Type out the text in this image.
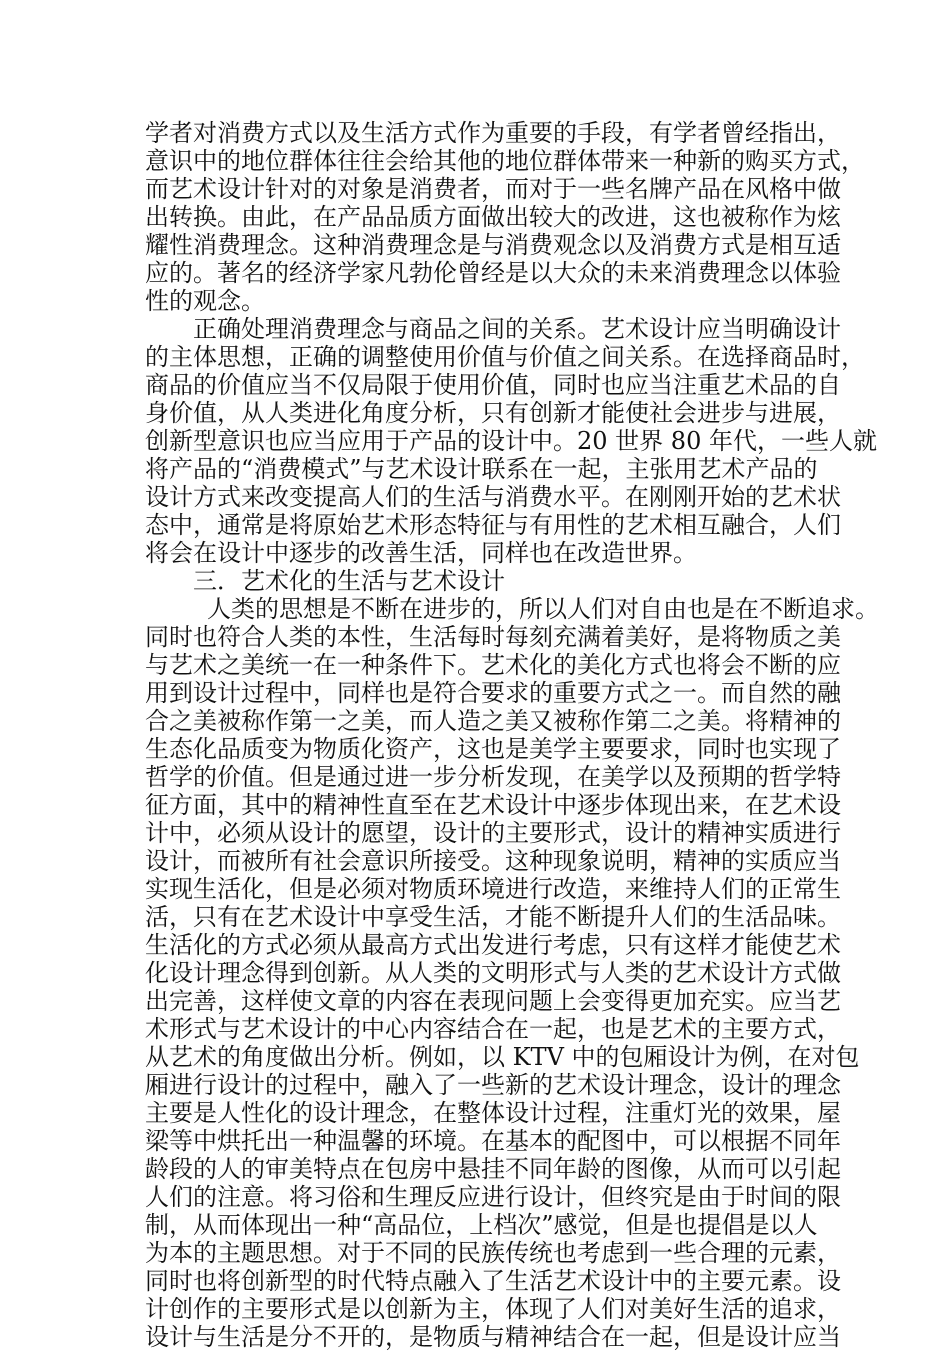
学者对消费方式以及生活方式作为重要的手段，有学者曾经指出，
意识中的地位群体往往会给其他的地位群体带来一种新的购买方式，
而艺术设计针对的对象是消费者，而对于一些名牌产品在风格中做
出转换。由此，在产品品质方面做出较大的改进，这也被称作为炫
耀性消费理念。这种消费理念是与消费观念以及消费方式是相互适
应的。著名的经济学家凡勃伦曾经是以大众的未来消费理念以体验
性的观念。
正确处理消费理念与商品之间的关系。艺术设计应当明确设计
的主体思想，正确的调整使用价值与价值之间关系。在选择商品时，
商品的价值应当不仅局限于使用价值，同时也应当注重艺术品的自
身价值，从人类进化角度分析，只有创新才能使社会进步与进展，
创新型意识也应当应用于产品的设计中。20 世界 80 年代，一些人就
将产品的“消费模式”与艺术设计联系在一起，主张用艺术产品的
设计方式来改变提高人们的生活与消费水平。在刚刚开始的艺术状
态中，通常是将原始艺术形态特征与有用性的艺术相互融合，人们
将会在设计中逐步的改善生活，同样也在改造世界。
三．艺术化的生活与艺术设计
人类的思想是不断在进步的，所以人们对自由也是在不断追求。
同时也符合人类的本性，生活每时每刻充满着美好，是将物质之美
与艺术之美统一在一种条件下。艺术化的美化方式也将会不断的应
用到设计过程中，同样也是符合要求的重要方式之一。而自然的融
合之美被称作第一之美，而人造之美又被称作第二之美。将精神的
生态化品质变为物质化资产，这也是美学主要要求，同时也实现了
哲学的价值。但是通过进一步分析发现，在美学以及预期的哲学特
征方面，其中的精神性直至在艺术设计中逐步体现出来，在艺术设
计中，必须从设计的愿望，设计的主要形式，设计的精神实质进行
设计，而被所有社会意识所接受。这种现象说明，精神的实质应当
实现生活化，但是必须对物质环境进行改造，来维持人们的正常生
活，只有在艺术设计中享受生活，才能不断提升人们的生活品味。
生活化的方式必须从最高方式出发进行考虑，只有这样才能使艺术
化设计理念得到创新。从人类的文明形式与人类的艺术设计方式做
出完善，这样使文章的内容在表现问题上会变得更加充实。应当艺
术形式与艺术设计的中心内容结合在一起，也是艺术的主要方式，
从艺术的角度做出分析。例如，以 KTV 中的包厢设计为例，在对包
厢进行设计的过程中，融入了一些新的艺术设计理念，设计的理念
主要是人性化的设计理念，在整体设计过程，注重灯光的效果，屋
梁等中烘托出一种温馨的环境。在基本的配图中，可以根据不同年
龄段的人的审美特点在包房中悬挂不同年龄的图像，从而可以引起
人们的注意。将习俗和生理反应进行设计，但终究是由于时间的限
制，从而体现出一种“高品位，上档次”感觉，但是也提倡是以人
为本的主题思想。对于不同的民族传统也考虑到一些合理的元素，
同时也将创新型的时代特点融入了生活艺术设计中的主要元素。设
计创作的主要形式是以创新为主，体现了人们对美好生活的追求，
设计与生活是分不开的，是物质与精神结合在一起，但是设计应当
